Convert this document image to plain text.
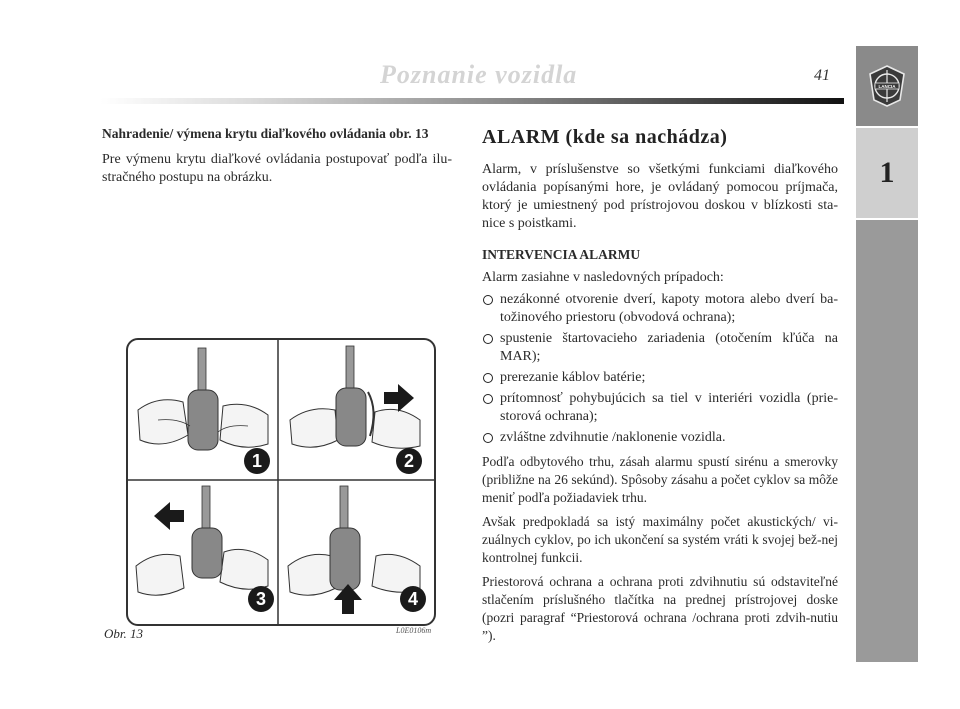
Poznanie vozidla	41
LANCIA
1

Nahradenie/ výmena krytu diaľkového ovládania obr. 13

Pre výmenu krytu diaľkové ovládania postupovať podľa ilu-stračného postupu na obrázku.

1	2
3	4
Obr. 13	L0E0106m
ALARM (kde sa nachádza)

Alarm, v príslušenstve so všetkými funkciami diaľkového ovládania popísanými hore, je ovládaný pomocou príjmača, ktorý je umiestnený pod prístrojovou doskou v blízkosti sta-nice s poistkami.

INTERVENCIA ALARMU

Alarm zasiahne v nasledovných prípadoch:

nezákonné otvorenie dverí, kapoty motora alebo dverí ba-tožinového priestoru (obvodová ochrana);
spustenie štartovacieho zariadenia (otočením kľúča na MAR);
prerezanie káblov batérie;
prítomnosť pohybujúcich sa tiel v interiéri vozidla (prie-storová ochrana);
zvláštne zdvihnutie /naklonenie vozidla.

Podľa odbytového trhu, zásah alarmu spustí sirénu a smerovky (približne na 26 sekúnd). Spôsoby zásahu a počet cyklov sa môže meniť podľa požiadaviek trhu.

Avšak predpokladá sa istý maximálny počet akustických/ vi-zuálnych cyklov, po ich ukončení sa systém vráti k svojej bež-nej kontrolnej funkcii.

Priestorová ochrana a ochrana proti zdvihnutiu sú odstaviteľné stlačením príslušného tlačítka na prednej prístrojovej doske (pozri paragraf “Priestorová ochrana /ochrana proti zdvih-nutiu ”).
